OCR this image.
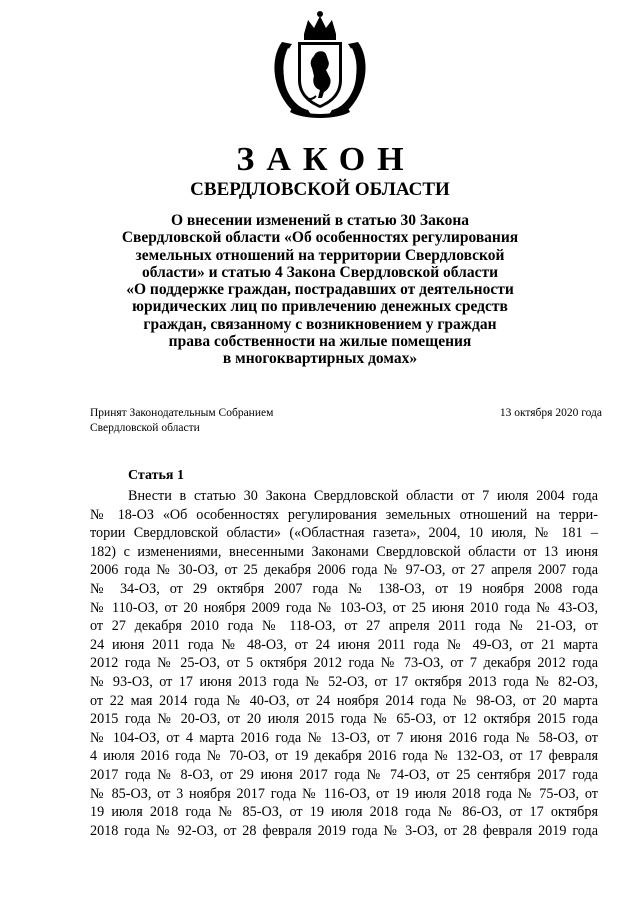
ЗАКОН
СВЕРДЛОВСКОЙ ОБЛАСТИ
О внесении изменений в статью 30 Закона
Свердловской области «Об особенностях регулирования
земельных отношений на территории Свердловской
области» и статью 4 Закона Свердловской области
«О поддержке граждан, пострадавших от деятельности
юридических лиц по привлечению денежных средств
граждан, связанному с возникновением у граждан
права собственности на жилые помещения
в многоквартирных домах»
Принят Законодательным Собранием
Свердловской области
13 октября 2020 года
Статья 1
Внести в статью 30 Закона Свердловской области от 7 июля 2004 года
№ 18-ОЗ «Об особенностях регулирования земельных отношений на терри-
тории Свердловской области» («Областная газета», 2004, 10 июля, № 181 –
182) с изменениями, внесенными Законами Свердловской области от 13 июня
2006 года № 30-ОЗ, от 25 декабря 2006 года № 97-ОЗ, от 27 апреля 2007 года
№ 34-ОЗ, от 29 октября 2007 года № 138-ОЗ, от 19 ноября 2008 года
№ 110-ОЗ, от 20 ноября 2009 года № 103-ОЗ, от 25 июня 2010 года № 43-ОЗ,
от 27 декабря 2010 года № 118-ОЗ, от 27 апреля 2011 года № 21-ОЗ, от
24 июня 2011 года № 48-ОЗ, от 24 июня 2011 года № 49-ОЗ, от 21 марта
2012 года № 25-ОЗ, от 5 октября 2012 года № 73-ОЗ, от 7 декабря 2012 года
№ 93-ОЗ, от 17 июня 2013 года № 52-ОЗ, от 17 октября 2013 года № 82-ОЗ,
от 22 мая 2014 года № 40-ОЗ, от 24 ноября 2014 года № 98-ОЗ, от 20 марта
2015 года № 20-ОЗ, от 20 июля 2015 года № 65-ОЗ, от 12 октября 2015 года
№ 104-ОЗ, от 4 марта 2016 года № 13-ОЗ, от 7 июня 2016 года № 58-ОЗ, от
4 июля 2016 года № 70-ОЗ, от 19 декабря 2016 года № 132-ОЗ, от 17 февраля
2017 года № 8-ОЗ, от 29 июня 2017 года № 74-ОЗ, от 25 сентября 2017 года
№ 85-ОЗ, от 3 ноября 2017 года № 116-ОЗ, от 19 июля 2018 года № 75-ОЗ, от
19 июля 2018 года № 85-ОЗ, от 19 июля 2018 года № 86-ОЗ, от 17 октября
2018 года № 92-ОЗ, от 28 февраля 2019 года № 3-ОЗ, от 28 февраля 2019 года
